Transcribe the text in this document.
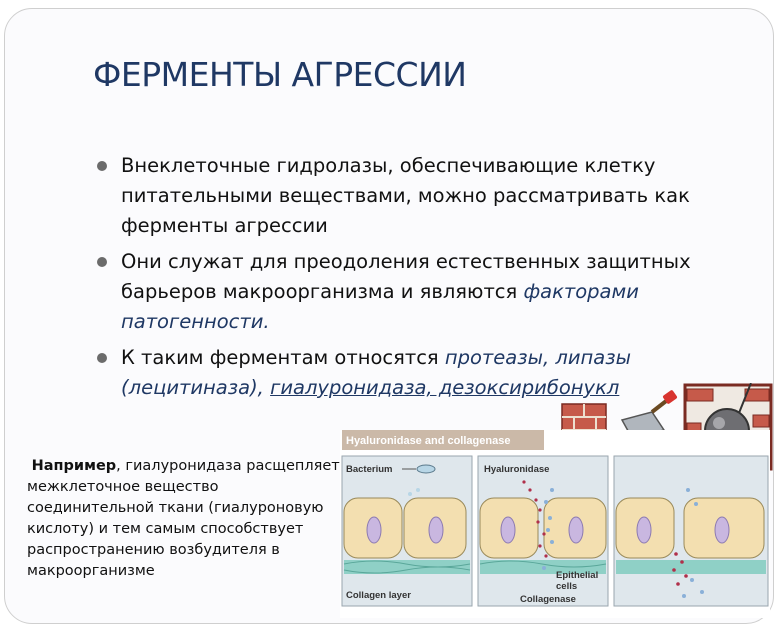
ФЕРМЕНТЫ АГРЕССИИ
Внеклеточные гидролазы, обеспечивающие клетку питательными веществами, можно рассматривать как ферменты агрессии
Они служат для преодоления естественных защитных барьеров макроорганизма и являются факторами патогенности.
К таким ферментам относятся протеазы, липазы (лецитиназа), гиалуронидаза, дезоксирибонукл
Например, гиалуронидаза расщепляет межклеточное вещество соединительной ткани (гиалуроновую кислоту) и тем самым способствует распространению возбудителя в макроорганизме
Hyaluronidase and collagenase
Bacterium
Collagen layer
Hyaluronidase
Epithelial
cells
Collagenase
